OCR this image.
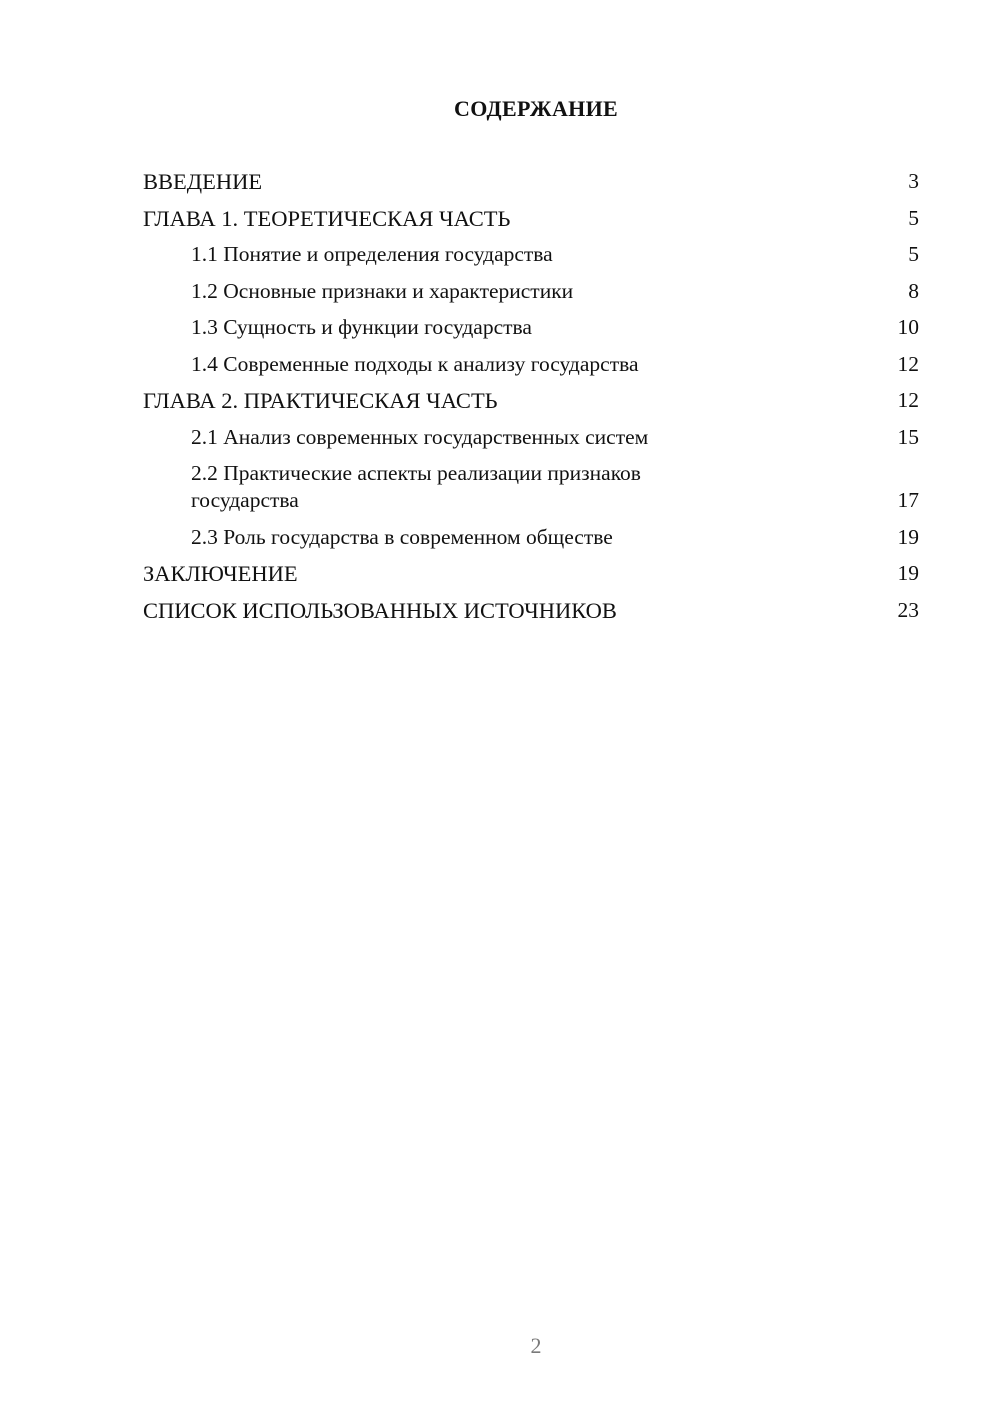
СОДЕРЖАНИЕ
ВВЕДЕНИЕ	3
ГЛАВА 1. ТЕОРЕТИЧЕСКАЯ ЧАСТЬ	5
1.1 Понятие и определения государства	5
1.2 Основные признаки и характеристики	8
1.3 Сущность и функции государства	10
1.4 Современные подходы к анализу государства	12
ГЛАВА 2. ПРАКТИЧЕСКАЯ ЧАСТЬ	12
2.1 Анализ современных государственных систем	15
2.2 Практические аспекты реализации признаков государства	17
2.3 Роль государства в современном обществе	19
ЗАКЛЮЧЕНИЕ	19
СПИСОК ИСПОЛЬЗОВАННЫХ ИСТОЧНИКОВ	23
2
